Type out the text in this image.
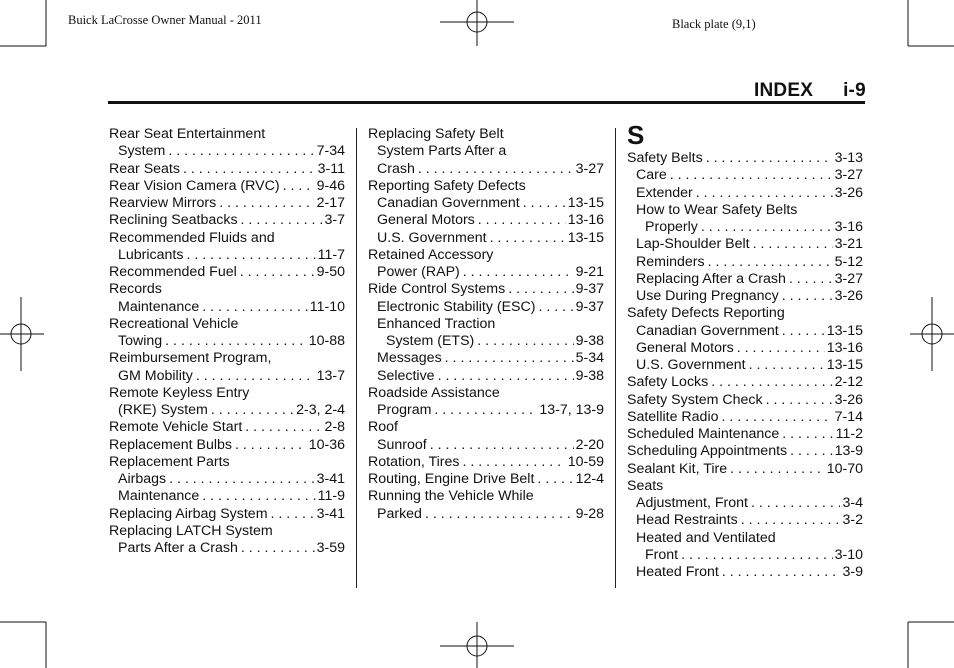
Buick LaCrosse Owner Manual - 2011	Black plate (9,1)
INDEX i-9
Rear Seat Entertainment
System . . .	7-34
Rear Seats . . .	3-11
Rear Vision Camera (RVC) . . .	9-46
Rearview Mirrors . . .	2-17
Reclining Seatbacks . . .	3-7
Recommended Fluids and
Lubricants . . .	11-7
Recommended Fuel . . .	9-50
Records
Maintenance . . .	11-10
Recreational Vehicle
Towing . . .	10-88
Reimbursement Program,
GM Mobility . . .	13-7
Remote Keyless Entry
(RKE) System . . .	2-3, 2-4
Remote Vehicle Start . . .	2-8
Replacement Bulbs . . .	10-36
Replacement Parts
Airbags . . .	3-41
Maintenance . . .	11-9
Replacing Airbag System . . .	3-41
Replacing LATCH System
Parts After a Crash . . .	3-59
Replacing Safety Belt
System Parts After a
Crash . . .	3-27
Reporting Safety Defects
Canadian Government . . .	13-15
General Motors . . .	13-16
U.S. Government . . .	13-15
Retained Accessory
Power (RAP) . . .	9-21
Ride Control Systems . . .	9-37
Electronic Stability (ESC) . . .	9-37
Enhanced Traction
System (ETS) . . .	9-38
Messages . . .	5-34
Selective . . .	9-38
Roadside Assistance
Program . . .	13-7, 13-9
Roof
Sunroof . . .	2-20
Rotation, Tires . . .	10-59
Routing, Engine Drive Belt . . .	12-4
Running the Vehicle While
Parked . . .	9-28
S
Safety Belts . . .	3-13
Care . . .	3-27
Extender . . .	3-26
How to Wear Safety Belts
Properly . . .	3-16
Lap-Shoulder Belt . . .	3-21
Reminders . . .	5-12
Replacing After a Crash . . .	3-27
Use During Pregnancy . . .	3-26
Safety Defects Reporting
Canadian Government . . .	13-15
General Motors . . .	13-16
U.S. Government . . .	13-15
Safety Locks . . .	2-12
Safety System Check . . .	3-26
Satellite Radio . . .	7-14
Scheduled Maintenance . . .	11-2
Scheduling Appointments . . .	13-9
Sealant Kit, Tire . . .	10-70
Seats
Adjustment, Front . . .	3-4
Head Restraints . . .	3-2
Heated and Ventilated
Front . . .	3-10
Heated Front . . .	3-9
